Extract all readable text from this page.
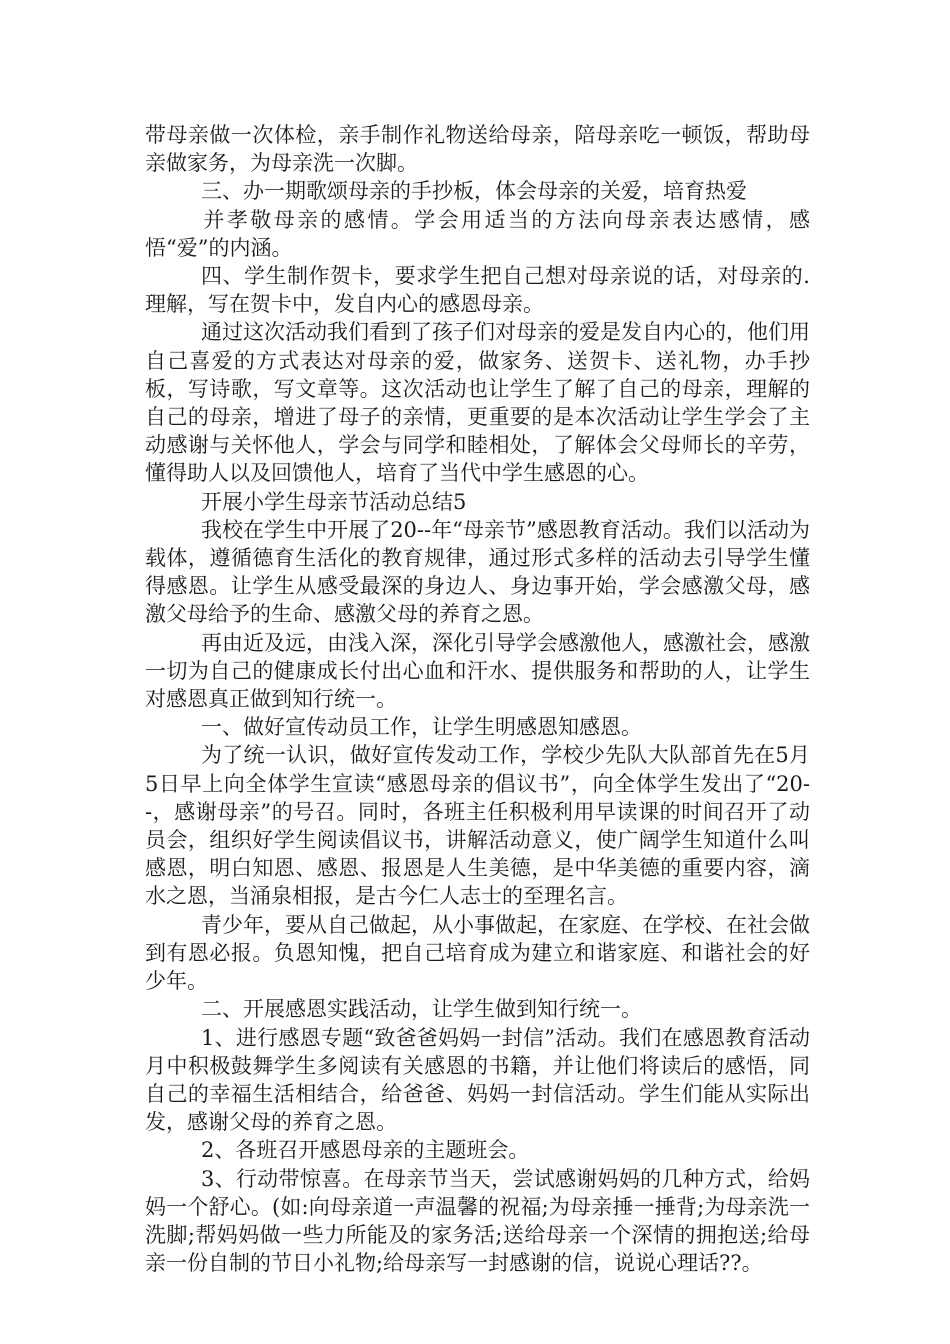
带母亲做一次体检，亲手制作礼物送给母亲，陪母亲吃一顿饭，帮助母亲做家务，为母亲洗一次脚。

三、办一期歌颂母亲的手抄板，体会母亲的关爱，培育热爱

并孝敬母亲的感情。学会用适当的方法向母亲表达感情，感悟“爱”的内涵。

四、学生制作贺卡，要求学生把自己想对母亲说的话，对母亲的.理解，写在贺卡中，发自内心的感恩母亲。

通过这次活动我们看到了孩子们对母亲的爱是发自内心的，他们用自己喜爱的方式表达对母亲的爱，做家务、送贺卡、送礼物，办手抄板，写诗歌，写文章等。这次活动也让学生了解了自己的母亲，理解的自己的母亲，增进了母子的亲情，更重要的是本次活动让学生学会了主动感谢与关怀他人，学会与同学和睦相处，了解体会父母师长的辛劳，懂得助人以及回馈他人，培育了当代中学生感恩的心。

开展小学生母亲节活动总结5

我校在学生中开展了20--年“母亲节”感恩教育活动。我们以活动为载体，遵循德育生活化的教育规律，通过形式多样的活动去引导学生懂得感恩。让学生从感受最深的身边人、身边事开始，学会感激父母，感激父母给予的生命、感激父母的养育之恩。

再由近及远，由浅入深，深化引导学会感激他人，感激社会，感激一切为自己的健康成长付出心血和汗水、提供服务和帮助的人，让学生对感恩真正做到知行统一。

一、做好宣传动员工作，让学生明感恩知感恩。

为了统一认识，做好宣传发动工作，学校少先队大队部首先在5月5日早上向全体学生宣读“感恩母亲的倡议书”，向全体学生发出了“20--，感谢母亲”的号召。同时，各班主任积极利用早读课的时间召开了动员会，组织好学生阅读倡议书，讲解活动意义，使广阔学生知道什么叫感恩，明白知恩、感恩、报恩是人生美德，是中华美德的重要内容，滴水之恩，当涌泉相报，是古今仁人志士的至理名言。

青少年，要从自己做起，从小事做起，在家庭、在学校、在社会做到有恩必报。负恩知愧，把自己培育成为建立和谐家庭、和谐社会的好少年。

二、开展感恩实践活动，让学生做到知行统一。

1、进行感恩专题“致爸爸妈妈一封信”活动。我们在感恩教育活动月中积极鼓舞学生多阅读有关感恩的书籍，并让他们将读后的感悟，同自己的幸福生活相结合，给爸爸、妈妈一封信活动。学生们能从实际出发，感谢父母的养育之恩。

2、各班召开感恩母亲的主题班会。

3、行动带惊喜。在母亲节当天，尝试感谢妈妈的几种方式，给妈妈一个舒心。(如:向母亲道一声温馨的祝福;为母亲捶一捶背;为母亲洗一洗脚;帮妈妈做一些力所能及的家务活;送给母亲一个深情的拥抱送;给母亲一份自制的节日小礼物;给母亲写一封感谢的信，说说心理话??。
